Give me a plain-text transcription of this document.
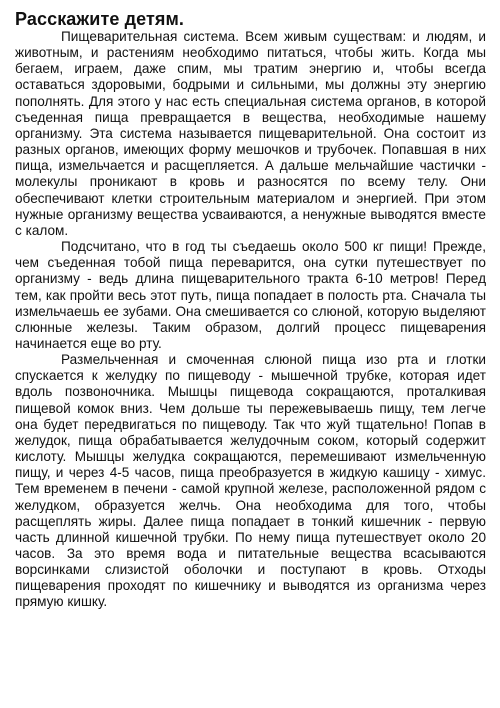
Расскажите детям.

Пищеварительная система. Всем живым существам: и людям, и животным, и растениям необходимо питаться, чтобы жить. Когда мы бегаем, играем, даже спим, мы тратим энергию и, чтобы всегда оставаться здоровыми, бодрыми и сильными, мы должны эту энергию пополнять. Для этого у нас есть специальная система органов, в которой съеденная пища превращается в вещества, необходимые нашему организму. Эта система называется пищеварительной. Она состоит из разных органов, имеющих форму мешочков и трубочек. Попавшая в них пища, измельчается и расщепляется. А дальше мельчайшие частички - молекулы проникают в кровь и разносятся по всему телу. Они обеспечивают клетки строительным материалом и энергией. При этом нужные организму вещества усваиваются, а ненужные выводятся вместе с калом.

Подсчитано, что в год ты съедаешь около 500 кг пищи! Прежде, чем съеденная тобой пища переварится, она сутки путешествует по организму - ведь длина пищеварительного тракта 6-10 метров! Перед тем, как пройти весь этот путь, пища попадает в полость рта. Сначала ты измельчаешь ее зубами. Она смешивается со слюной, которую выделяют слюнные железы. Таким образом, долгий процесс пищеварения начинается еще во рту.

Размельченная и смоченная слюной пища изо рта и глотки спускается к желудку по пищеводу - мышечной трубке, которая идет вдоль позвоночника. Мышцы пищевода сокращаются, проталкивая пищевой комок вниз. Чем дольше ты пережевываешь пищу, тем легче она будет передвигаться по пищеводу. Так что жуй тщательно! Попав в желудок, пища обрабатывается желудочным соком, который содержит кислоту. Мышцы желудка сокращаются, перемешивают измельченную пищу, и через 4-5 часов, пища преобразуется в жидкую кашицу - химус. Тем временем в печени - самой крупной железе, расположенной рядом с желудком, образуется желчь. Она необходима для того, чтобы расщеплять жиры. Далее пища попадает в тонкий кишечник - первую часть длинной кишечной трубки. По нему пища путешествует около 20 часов. За это время вода и питательные вещества всасываются ворсинками слизистой оболочки и поступают в кровь. Отходы пищеварения проходят по кишечнику и выводятся из организма через прямую кишку.
